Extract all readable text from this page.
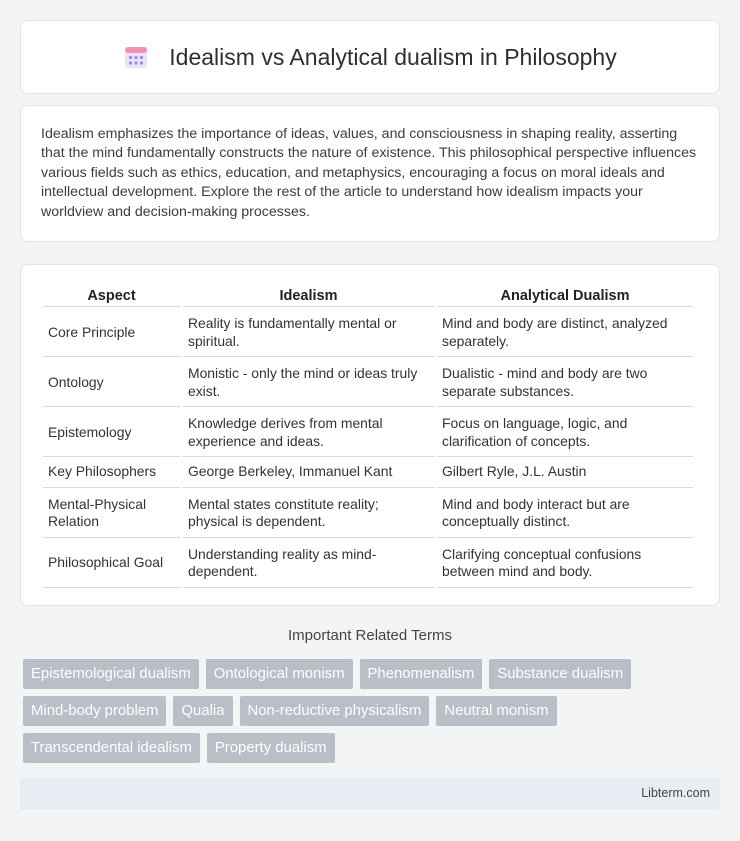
Idealism vs Analytical dualism in Philosophy

Idealism emphasizes the importance of ideas, values, and consciousness in shaping reality, asserting that the mind fundamentally constructs the nature of existence. This philosophical perspective influences various fields such as ethics, education, and metaphysics, encouraging a focus on moral ideals and intellectual development. Explore the rest of the article to understand how idealism impacts your worldview and decision-making processes.

Aspect	Idealism	Analytical Dualism
Core Principle	Reality is fundamentally mental or spiritual.	Mind and body are distinct, analyzed separately.
Ontology	Monistic - only the mind or ideas truly exist.	Dualistic - mind and body are two separate substances.
Epistemology	Knowledge derives from mental experience and ideas.	Focus on language, logic, and clarification of concepts.
Key Philosophers	George Berkeley, Immanuel Kant	Gilbert Ryle, J.L. Austin
Mental-Physical Relation	Mental states constitute reality; physical is dependent.	Mind and body interact but are conceptually distinct.
Philosophical Goal	Understanding reality as mind-dependent.	Clarifying conceptual confusions between mind and body.
Important Related Terms
Epistemological dualism	Ontological monism	Phenomenalism	Substance dualism
Mind-body problem	Qualia	Non-reductive physicalism	Neutral monism
Transcendental idealism	Property dualism
Libterm.com
